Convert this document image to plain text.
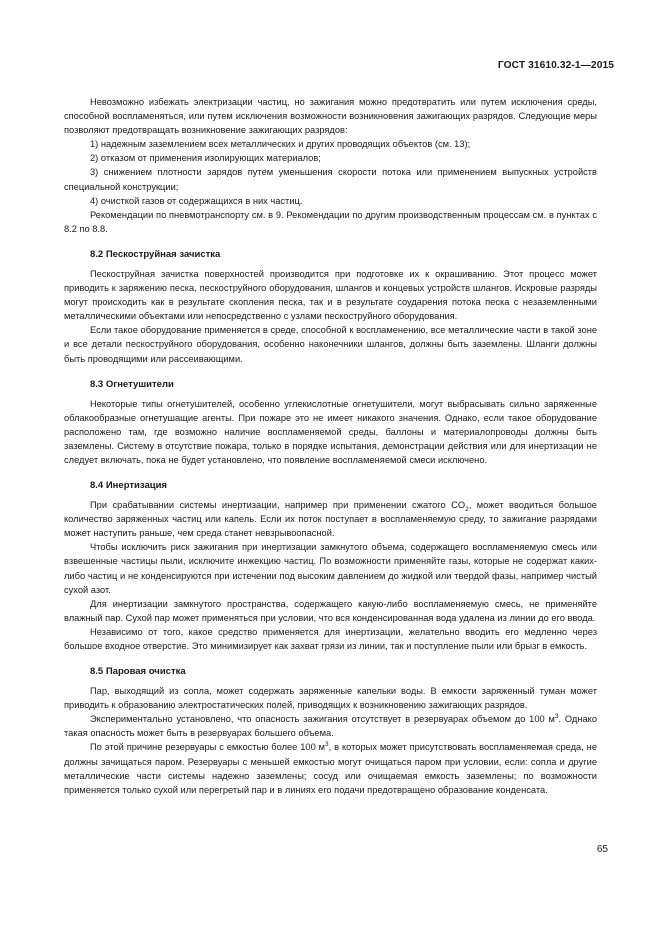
ГОСТ 31610.32-1—2015

Невозможно избежать электризации частиц, но зажигания можно предотвратить или путем исключения среды, способной воспламеняться, или путем исключения возможности возникновения зажигающих разрядов. Следующие меры позволяют предотвращать возникновение зажигающих разрядов:

1) надежным заземлением всех металлических и других проводящих объектов (см. 13);

2) отказом от применения изолирующих материалов;

3) снижением плотности зарядов путем уменьшения скорости потока или применением выпускных устройств специальной конструкции;

4) очисткой газов от содержащихся в них частиц.

Рекомендации по пневмотранспорту см. в 9. Рекомендации по другим производственным процессам см. в пунктах с 8.2 по 8.8.

8.2 Пескоструйная зачистка

Пескоструйная зачистка поверхностей производится при подготовке их к окрашиванию. Этот процесс может приводить к заряжению песка, пескоструйного оборудования, шлангов и концевых устройств шлангов. Искровые разряды могут происходить как в результате скопления песка, так и в результате соударения потока песка с незаземленными металлическими объектами или непосредственно с узлами пескоструйного оборудования.

Если такое оборудование применяется в среде, способной к воспламенению, все металлические части в такой зоне и все детали пескоструйного оборудования, особенно наконечники шлангов, должны быть заземлены. Шланги должны быть проводящими или рассеивающими.

8.3 Огнетушители

Некоторые типы огнетушителей, особенно углекислотные огнетушители, могут выбрасывать сильно заряженные облакообразные огнетушащие агенты. При пожаре это не имеет никакого значения. Однако, если такое оборудование расположено там, где возможно наличие воспламеняемой среды, баллоны и материалопроводы должны быть заземлены. Систему в отсутствие пожара, только в порядке испытания, демонстрации действия или для инертизации не следует включать, пока не будет установлено, что появление воспламеняемой смеси исключено.

8.4 Инертизация

При срабатывании системы инертизации, например при применении сжатого $CO_2$, может вводиться большое количество заряженных частиц или капель. Если их поток поступает в воспламеняемую среду, то зажигание разрядами может наступить раньше, чем среда станет невзрывоопасной.

Чтобы исключить риск зажигания при инертизации замкнутого объема, содержащего воспламеняемую смесь или взвешенные частицы пыли, исключите инжекцию частиц. По возможности применяйте газы, которые не содержат каких-либо частиц и не конденсируются при истечении под высоким давлением до жидкой или твердой фазы, например чистый сухой азот.

Для инертизации замкнутого пространства, содержащего какую-либо воспламеняемую смесь, не применяйте влажный пар. Сухой пар может применяться при условии, что вся конденсированная вода удалена из линии до его ввода.

Независимо от того, какое средство применяется для инертизации, желательно вводить его медленно через большое входное отверстие. Это минимизирует как захват грязи из линии, так и поступление пыли или брызг в емкость.

8.5 Паровая очистка

Пар, выходящий из сопла, может содержать заряженные капельки воды. В емкости заряженный туман может приводить к образованию электростатических полей, приводящих к возникновению зажигающих разрядов.

Экспериментально установлено, что опасность зажигания отсутствует в резервуарах объемом до 100 $м^3$. Однако такая опасность может быть в резервуарах большего объема.

По этой причине резервуары с емкостью более 100 $м^3$, в которых может присутствовать воспламеняемая среда, не должны зачищаться паром. Резервуары с меньшей емкостью могут очищаться паром при условии, если: сопла и другие металлические части системы надежно заземлены; сосуд или очищаемая емкость заземлены; по возможности применяется только сухой или перегретый пар и в линиях его подачи предотвращено образование конденсата.

65
